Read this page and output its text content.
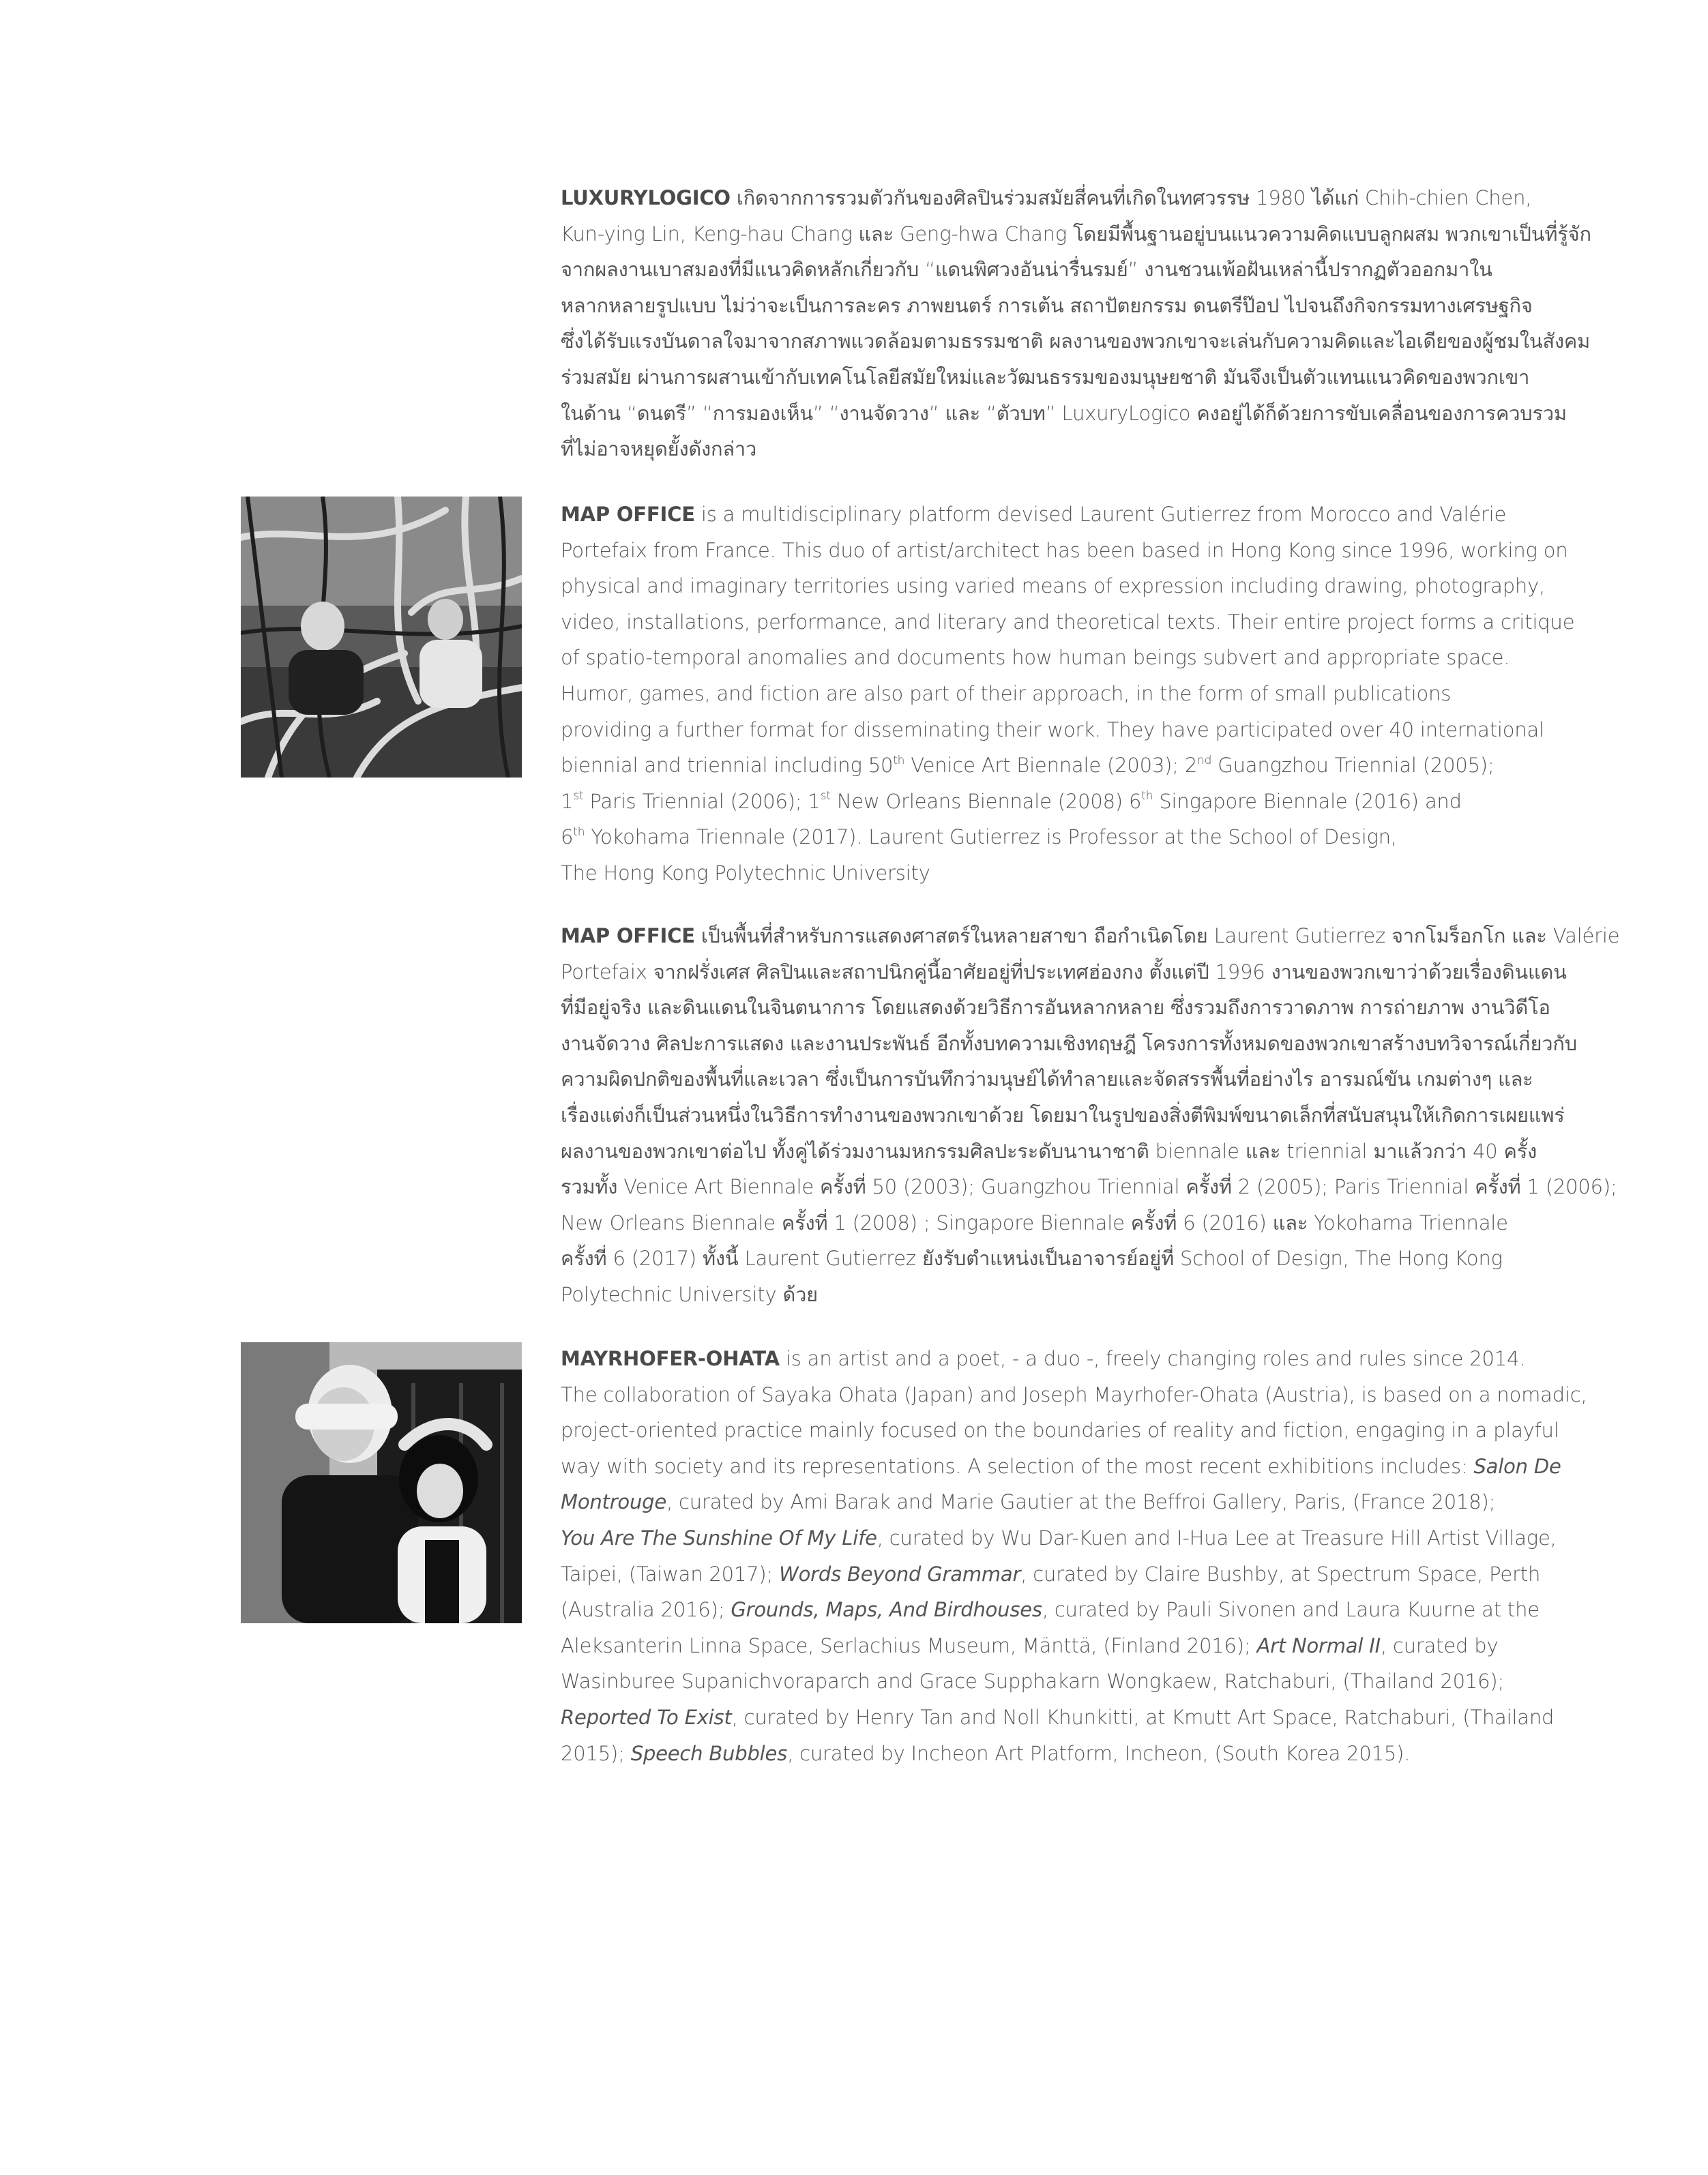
LUXURYLOGICO เกิดจากการรวมตัวกันของศิลปินร่วมสมัยสี่คนที่เกิดในทศวรรษ 1980 ได้แก่ Chih-chien Chen,
Kun-ying Lin, Keng-hau Chang และ Geng-hwa Chang โดยมีพื้นฐานอยู่บนแนวความคิดแบบลูกผสม พวกเขาเป็นที่รู้จัก
จากผลงานเบาสมองที่มีแนวคิดหลักเกี่ยวกับ “แดนพิศวงอันน่ารื่นรมย์” งานชวนเพ้อฝันเหล่านี้ปรากฏตัวออกมาใน
หลากหลายรูปแบบ ไม่ว่าจะเป็นการละคร ภาพยนตร์ การเต้น สถาปัตยกรรม ดนตรีป๊อป ไปจนถึงกิจกรรมทางเศรษฐกิจ
ซึ่งได้รับแรงบันดาลใจมาจากสภาพแวดล้อมตามธรรมชาติ ผลงานของพวกเขาจะเล่นกับความคิดและไอเดียของผู้ชมในสังคม
ร่วมสมัย ผ่านการผสานเข้ากับเทคโนโลยีสมัยใหม่และวัฒนธรรมของมนุษยชาติ มันจึงเป็นตัวแทนแนวคิดของพวกเขา
ในด้าน “ดนตรี” “การมองเห็น” “งานจัดวาง” และ “ตัวบท” LuxuryLogico คงอยู่ได้ก็ด้วยการขับเคลื่อนของการควบรวม
ที่ไม่อาจหยุดยั้งดังกล่าว

MAP OFFICE is a multidisciplinary platform devised Laurent Gutierrez from Morocco and Valérie
Portefaix from France. This duo of artist/architect has been based in Hong Kong since 1996, working on
physical and imaginary territories using varied means of expression including drawing, photography,
video, installations, performance, and literary and theoretical texts. Their entire project forms a critique
of spatio-temporal anomalies and documents how human beings subvert and appropriate space.
Humor, games, and fiction are also part of their approach, in the form of small publications
providing a further format for disseminating their work. They have participated over 40 international
biennial and triennial including 50th Venice Art Biennale (2003); 2nd Guangzhou Triennial (2005);
1st Paris Triennial (2006); 1st New Orleans Biennale (2008) 6th Singapore Biennale (2016) and
6th Yokohama Triennale (2017). Laurent Gutierrez is Professor at the School of Design,
The Hong Kong Polytechnic University

MAP OFFICE เป็นพื้นที่สำหรับการแสดงศาสตร์ในหลายสาขา ถือกำเนิดโดย Laurent Gutierrez จากโมร็อกโก และ Valérie
Portefaix จากฝรั่งเศส ศิลปินและสถาปนิกคู่นี้อาศัยอยู่ที่ประเทศฮ่องกง ตั้งแต่ปี 1996 งานของพวกเขาว่าด้วยเรื่องดินแดน
ที่มีอยู่จริง และดินแดนในจินตนาการ โดยแสดงด้วยวิธีการอันหลากหลาย ซึ่งรวมถึงการวาดภาพ การถ่ายภาพ งานวิดีโอ
งานจัดวาง ศิลปะการแสดง และงานประพันธ์ อีกทั้งบทความเชิงทฤษฎี โครงการทั้งหมดของพวกเขาสร้างบทวิจารณ์เกี่ยวกับ
ความผิดปกติของพื้นที่และเวลา ซึ่งเป็นการบันทึกว่ามนุษย์ได้ทำลายและจัดสรรพื้นที่อย่างไร อารมณ์ขัน เกมต่างๆ และ
เรื่องแต่งก็เป็นส่วนหนึ่งในวิธีการทำงานของพวกเขาด้วย โดยมาในรูปของสิ่งตีพิมพ์ขนาดเล็กที่สนับสนุนให้เกิดการเผยแพร่
ผลงานของพวกเขาต่อไป ทั้งคู่ได้ร่วมงานมหกรรมศิลปะระดับนานาชาติ biennale และ triennial มาแล้วกว่า 40 ครั้ง
รวมทั้ง Venice Art Biennale ครั้งที่ 50 (2003); Guangzhou Triennial ครั้งที่ 2 (2005); Paris Triennial ครั้งที่ 1 (2006);
New Orleans Biennale ครั้งที่ 1 (2008) ; Singapore Biennale ครั้งที่ 6 (2016) และ Yokohama Triennale
ครั้งที่ 6 (2017) ทั้งนี้ Laurent Gutierrez ยังรับตำแหน่งเป็นอาจารย์อยู่ที่ School of Design, The Hong Kong
Polytechnic University ด้วย

MAYRHOFER-OHATA is an artist and a poet, - a duo -, freely changing roles and rules since 2014.
The collaboration of Sayaka Ohata (Japan) and Joseph Mayrhofer-Ohata (Austria), is based on a nomadic,
project-oriented practice mainly focused on the boundaries of reality and fiction, engaging in a playful
way with society and its representations. A selection of the most recent exhibitions includes: Salon De
Montrouge, curated by Ami Barak and Marie Gautier at the Beffroi Gallery, Paris, (France 2018);
You Are The Sunshine Of My Life, curated by Wu Dar-Kuen and I-Hua Lee at Treasure Hill Artist Village,
Taipei, (Taiwan 2017); Words Beyond Grammar, curated by Claire Bushby, at Spectrum Space, Perth
(Australia 2016); Grounds, Maps, And Birdhouses, curated by Pauli Sivonen and Laura Kuurne at the
Aleksanterin Linna Space, Serlachius Museum, Mänttä, (Finland 2016); Art Normal II, curated by
Wasinburee Supanichvoraparch and Grace Supphakarn Wongkaew, Ratchaburi, (Thailand 2016);
Reported To Exist, curated by Henry Tan and Noll Khunkitti, at Kmutt Art Space, Ratchaburi, (Thailand
2015); Speech Bubbles, curated by Incheon Art Platform, Incheon, (South Korea 2015).
